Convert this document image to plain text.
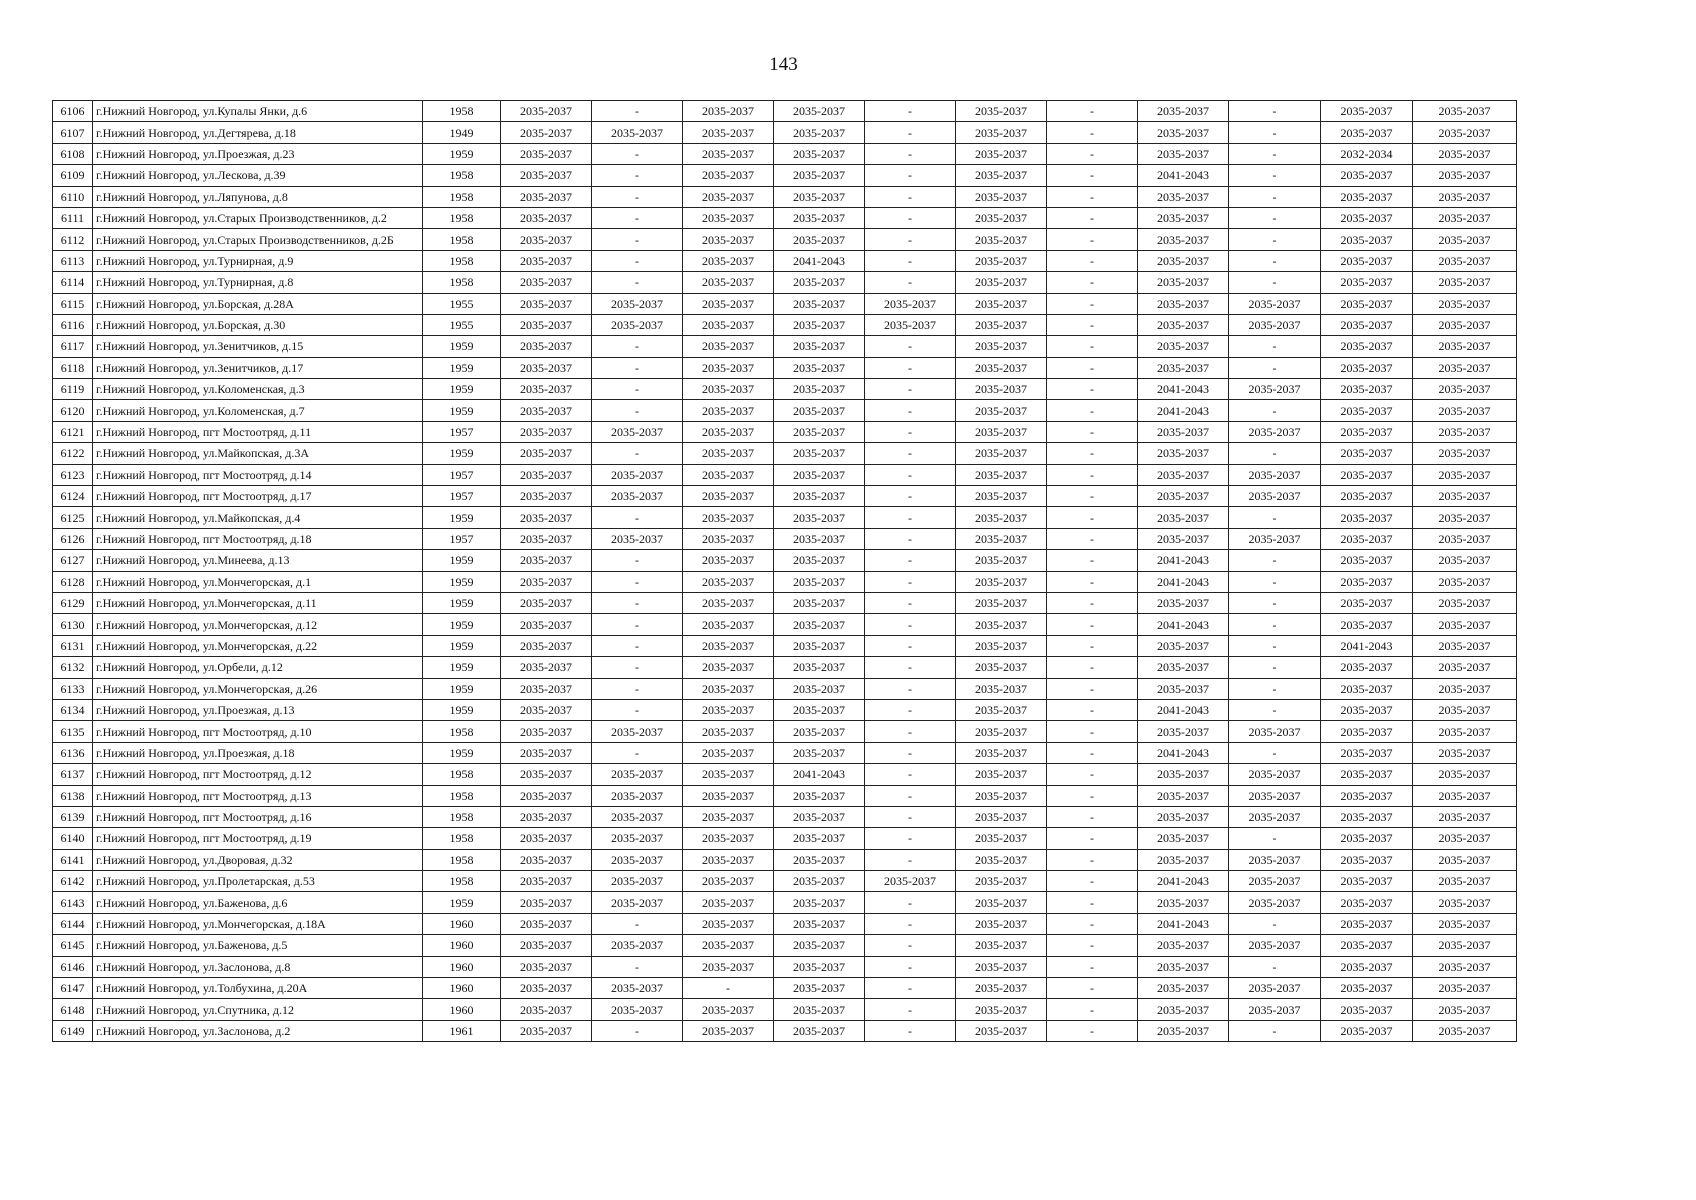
143
6106	г.Нижний Новгород, ул.Купалы Янки, д.6	1958	2035-2037	-	2035-2037	2035-2037	-	2035-2037	-	2035-2037	-	2035-2037	2035-2037
6107	г.Нижний Новгород, ул.Дегтярева, д.18	1949	2035-2037	2035-2037	2035-2037	2035-2037	-	2035-2037	-	2035-2037	-	2035-2037	2035-2037
6108	г.Нижний Новгород, ул.Проезжая, д.23	1959	2035-2037	-	2035-2037	2035-2037	-	2035-2037	-	2035-2037	-	2032-2034	2035-2037
6109	г.Нижний Новгород, ул.Лескова, д.39	1958	2035-2037	-	2035-2037	2035-2037	-	2035-2037	-	2041-2043	-	2035-2037	2035-2037
6110	г.Нижний Новгород, ул.Ляпунова, д.8	1958	2035-2037	-	2035-2037	2035-2037	-	2035-2037	-	2035-2037	-	2035-2037	2035-2037
6111	г.Нижний Новгород, ул.Старых Производственников, д.2	1958	2035-2037	-	2035-2037	2035-2037	-	2035-2037	-	2035-2037	-	2035-2037	2035-2037
6112	г.Нижний Новгород, ул.Старых Производственников, д.2Б	1958	2035-2037	-	2035-2037	2035-2037	-	2035-2037	-	2035-2037	-	2035-2037	2035-2037
6113	г.Нижний Новгород, ул.Турнирная, д.9	1958	2035-2037	-	2035-2037	2041-2043	-	2035-2037	-	2035-2037	-	2035-2037	2035-2037
6114	г.Нижний Новгород, ул.Турнирная, д.8	1958	2035-2037	-	2035-2037	2035-2037	-	2035-2037	-	2035-2037	-	2035-2037	2035-2037
6115	г.Нижний Новгород, ул.Борская, д.28А	1955	2035-2037	2035-2037	2035-2037	2035-2037	2035-2037	2035-2037	-	2035-2037	2035-2037	2035-2037	2035-2037
6116	г.Нижний Новгород, ул.Борская, д.30	1955	2035-2037	2035-2037	2035-2037	2035-2037	2035-2037	2035-2037	-	2035-2037	2035-2037	2035-2037	2035-2037
6117	г.Нижний Новгород, ул.Зенитчиков, д.15	1959	2035-2037	-	2035-2037	2035-2037	-	2035-2037	-	2035-2037	-	2035-2037	2035-2037
6118	г.Нижний Новгород, ул.Зенитчиков, д.17	1959	2035-2037	-	2035-2037	2035-2037	-	2035-2037	-	2035-2037	-	2035-2037	2035-2037
6119	г.Нижний Новгород, ул.Коломенская, д.3	1959	2035-2037	-	2035-2037	2035-2037	-	2035-2037	-	2041-2043	2035-2037	2035-2037	2035-2037
6120	г.Нижний Новгород, ул.Коломенская, д.7	1959	2035-2037	-	2035-2037	2035-2037	-	2035-2037	-	2041-2043	-	2035-2037	2035-2037
6121	г.Нижний Новгород, пгт Мостоотряд, д.11	1957	2035-2037	2035-2037	2035-2037	2035-2037	-	2035-2037	-	2035-2037	2035-2037	2035-2037	2035-2037
6122	г.Нижний Новгород, ул.Майкопская, д.3А	1959	2035-2037	-	2035-2037	2035-2037	-	2035-2037	-	2035-2037	-	2035-2037	2035-2037
6123	г.Нижний Новгород, пгт Мостоотряд, д.14	1957	2035-2037	2035-2037	2035-2037	2035-2037	-	2035-2037	-	2035-2037	2035-2037	2035-2037	2035-2037
6124	г.Нижний Новгород, пгт Мостоотряд, д.17	1957	2035-2037	2035-2037	2035-2037	2035-2037	-	2035-2037	-	2035-2037	2035-2037	2035-2037	2035-2037
6125	г.Нижний Новгород, ул.Майкопская, д.4	1959	2035-2037	-	2035-2037	2035-2037	-	2035-2037	-	2035-2037	-	2035-2037	2035-2037
6126	г.Нижний Новгород, пгт Мостоотряд, д.18	1957	2035-2037	2035-2037	2035-2037	2035-2037	-	2035-2037	-	2035-2037	2035-2037	2035-2037	2035-2037
6127	г.Нижний Новгород, ул.Минеева, д.13	1959	2035-2037	-	2035-2037	2035-2037	-	2035-2037	-	2041-2043	-	2035-2037	2035-2037
6128	г.Нижний Новгород, ул.Мончегорская, д.1	1959	2035-2037	-	2035-2037	2035-2037	-	2035-2037	-	2041-2043	-	2035-2037	2035-2037
6129	г.Нижний Новгород, ул.Мончегорская, д.11	1959	2035-2037	-	2035-2037	2035-2037	-	2035-2037	-	2035-2037	-	2035-2037	2035-2037
6130	г.Нижний Новгород, ул.Мончегорская, д.12	1959	2035-2037	-	2035-2037	2035-2037	-	2035-2037	-	2041-2043	-	2035-2037	2035-2037
6131	г.Нижний Новгород, ул.Мончегорская, д.22	1959	2035-2037	-	2035-2037	2035-2037	-	2035-2037	-	2035-2037	-	2041-2043	2035-2037
6132	г.Нижний Новгород, ул.Орбели, д.12	1959	2035-2037	-	2035-2037	2035-2037	-	2035-2037	-	2035-2037	-	2035-2037	2035-2037
6133	г.Нижний Новгород, ул.Мончегорская, д.26	1959	2035-2037	-	2035-2037	2035-2037	-	2035-2037	-	2035-2037	-	2035-2037	2035-2037
6134	г.Нижний Новгород, ул.Проезжая, д.13	1959	2035-2037	-	2035-2037	2035-2037	-	2035-2037	-	2041-2043	-	2035-2037	2035-2037
6135	г.Нижний Новгород, пгт Мостоотряд, д.10	1958	2035-2037	2035-2037	2035-2037	2035-2037	-	2035-2037	-	2035-2037	2035-2037	2035-2037	2035-2037
6136	г.Нижний Новгород, ул.Проезжая, д.18	1959	2035-2037	-	2035-2037	2035-2037	-	2035-2037	-	2041-2043	-	2035-2037	2035-2037
6137	г.Нижний Новгород, пгт Мостоотряд, д.12	1958	2035-2037	2035-2037	2035-2037	2041-2043	-	2035-2037	-	2035-2037	2035-2037	2035-2037	2035-2037
6138	г.Нижний Новгород, пгт Мостоотряд, д.13	1958	2035-2037	2035-2037	2035-2037	2035-2037	-	2035-2037	-	2035-2037	2035-2037	2035-2037	2035-2037
6139	г.Нижний Новгород, пгт Мостоотряд, д.16	1958	2035-2037	2035-2037	2035-2037	2035-2037	-	2035-2037	-	2035-2037	2035-2037	2035-2037	2035-2037
6140	г.Нижний Новгород, пгт Мостоотряд, д.19	1958	2035-2037	2035-2037	2035-2037	2035-2037	-	2035-2037	-	2035-2037	-	2035-2037	2035-2037
6141	г.Нижний Новгород, ул.Дворовая, д.32	1958	2035-2037	2035-2037	2035-2037	2035-2037	-	2035-2037	-	2035-2037	2035-2037	2035-2037	2035-2037
6142	г.Нижний Новгород, ул.Пролетарская, д.53	1958	2035-2037	2035-2037	2035-2037	2035-2037	2035-2037	2035-2037	-	2041-2043	2035-2037	2035-2037	2035-2037
6143	г.Нижний Новгород, ул.Баженова, д.6	1959	2035-2037	2035-2037	2035-2037	2035-2037	-	2035-2037	-	2035-2037	2035-2037	2035-2037	2035-2037
6144	г.Нижний Новгород, ул.Мончегорская, д.18А	1960	2035-2037	-	2035-2037	2035-2037	-	2035-2037	-	2041-2043	-	2035-2037	2035-2037
6145	г.Нижний Новгород, ул.Баженова, д.5	1960	2035-2037	2035-2037	2035-2037	2035-2037	-	2035-2037	-	2035-2037	2035-2037	2035-2037	2035-2037
6146	г.Нижний Новгород, ул.Заслонова, д.8	1960	2035-2037	-	2035-2037	2035-2037	-	2035-2037	-	2035-2037	-	2035-2037	2035-2037
6147	г.Нижний Новгород, ул.Толбухина, д.20А	1960	2035-2037	2035-2037	-	2035-2037	-	2035-2037	-	2035-2037	2035-2037	2035-2037	2035-2037
6148	г.Нижний Новгород, ул.Спутника, д.12	1960	2035-2037	2035-2037	2035-2037	2035-2037	-	2035-2037	-	2035-2037	2035-2037	2035-2037	2035-2037
6149	г.Нижний Новгород, ул.Заслонова, д.2	1961	2035-2037	-	2035-2037	2035-2037	-	2035-2037	-	2035-2037	-	2035-2037	2035-2037
